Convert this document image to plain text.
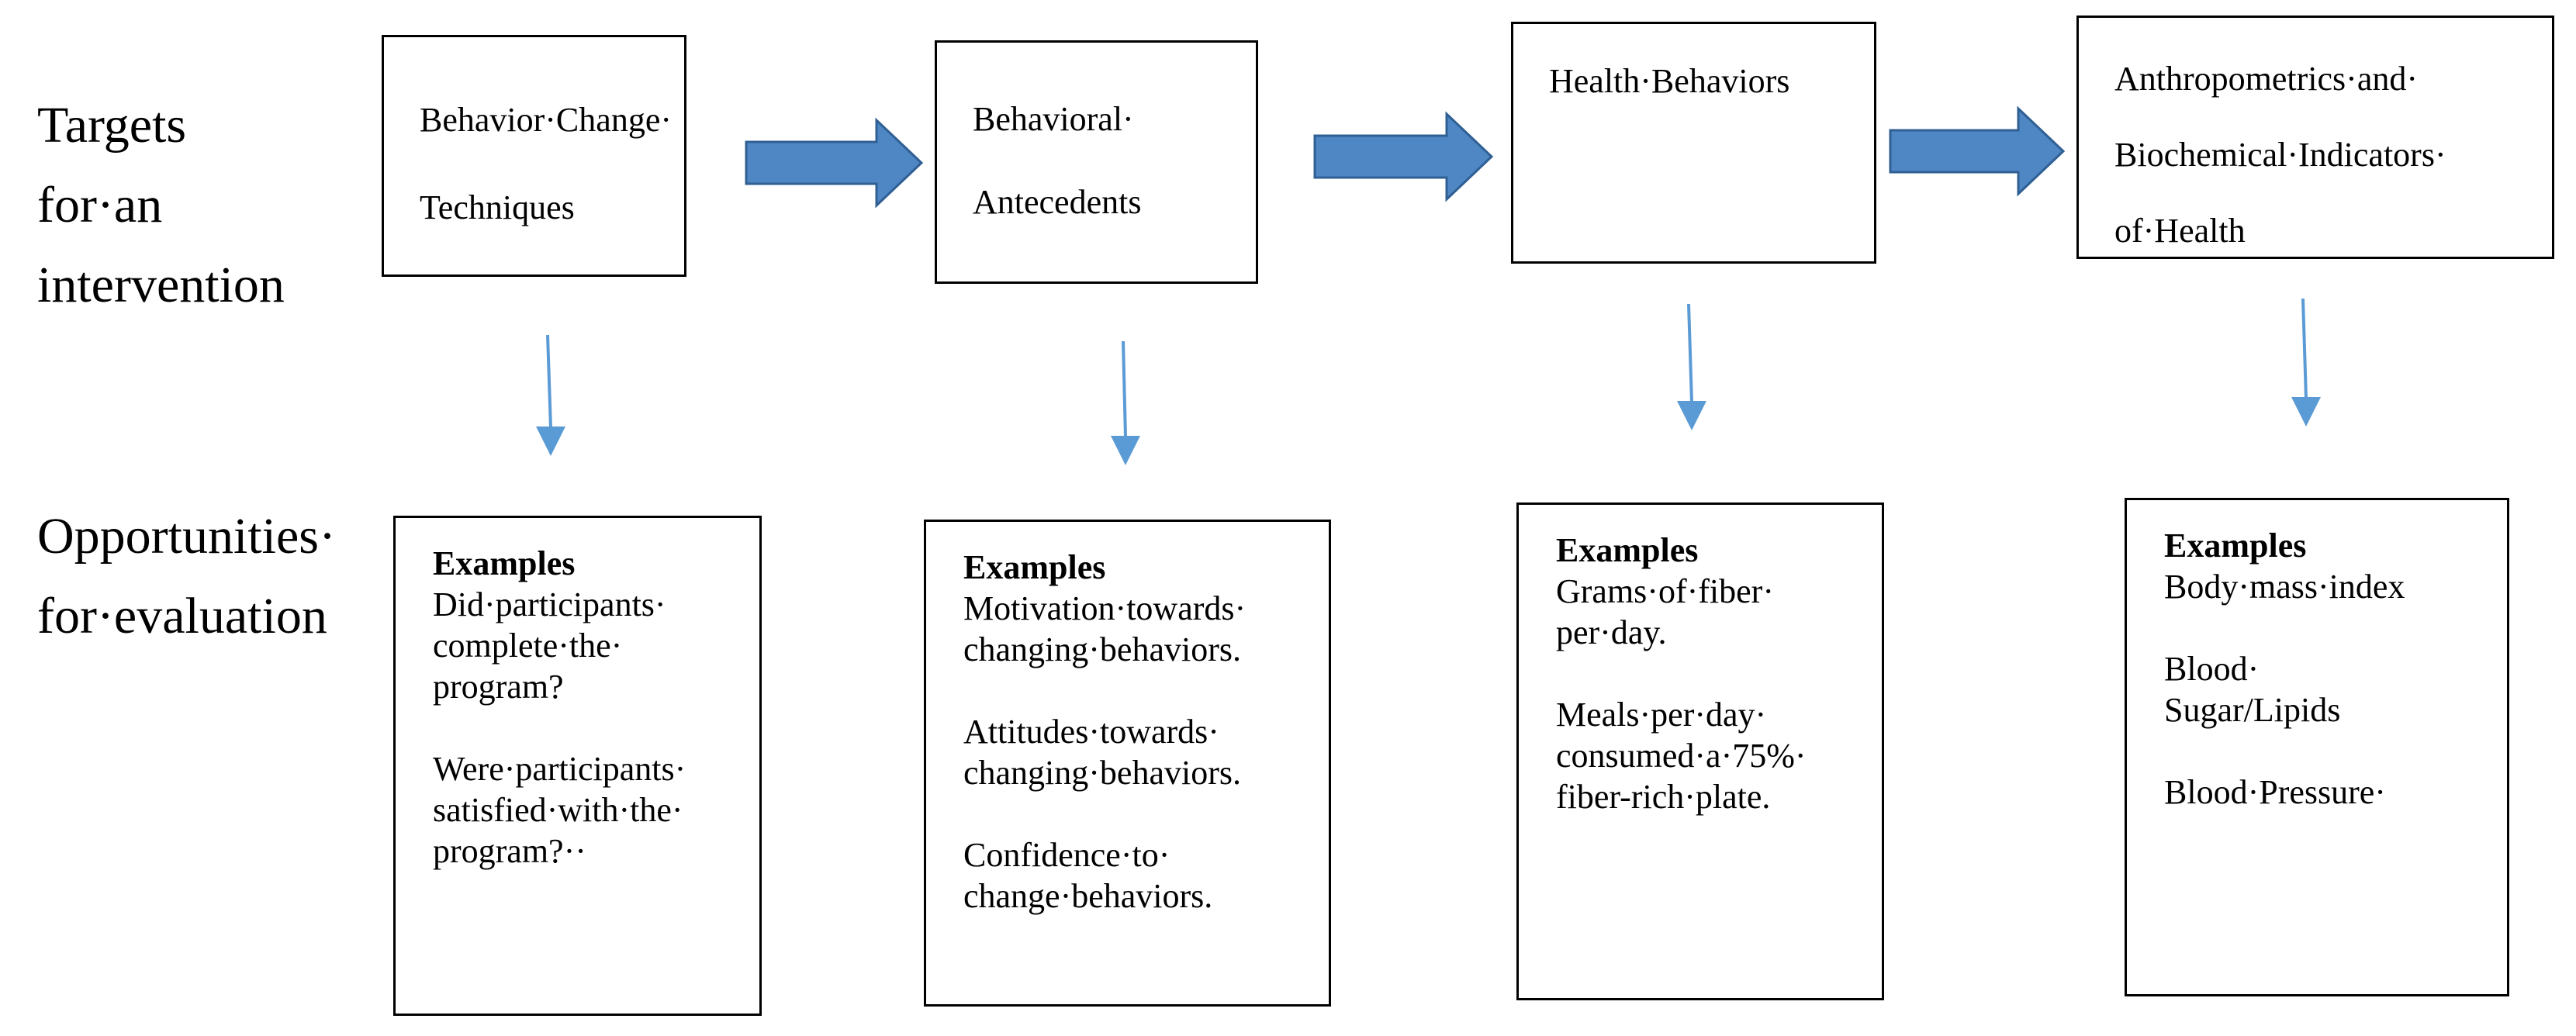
Targets
for·an
intervention
Opportunities·
for·evaluation
Behavior·Change·
Techniques
Behavioral·
Antecedents
Health·Behaviors	Anthropometrics·and·
Biochemical·Indicators·
of·Health
Examples
Did·participants·
complete·the·
program?
Were·participants·
satisfied·with·the·
program?··
Examples
Motivation·towards·
changing·behaviors.
Attitudes·towards·
changing·behaviors.
Confidence·to·
change·behaviors.
Examples
Grams·of·fiber·
per·day.
Meals·per·day·
consumed·a·75%·
fiber-rich·plate.
Examples
Body·mass·index
Blood·
Sugar/Lipids
Blood·Pressure·
